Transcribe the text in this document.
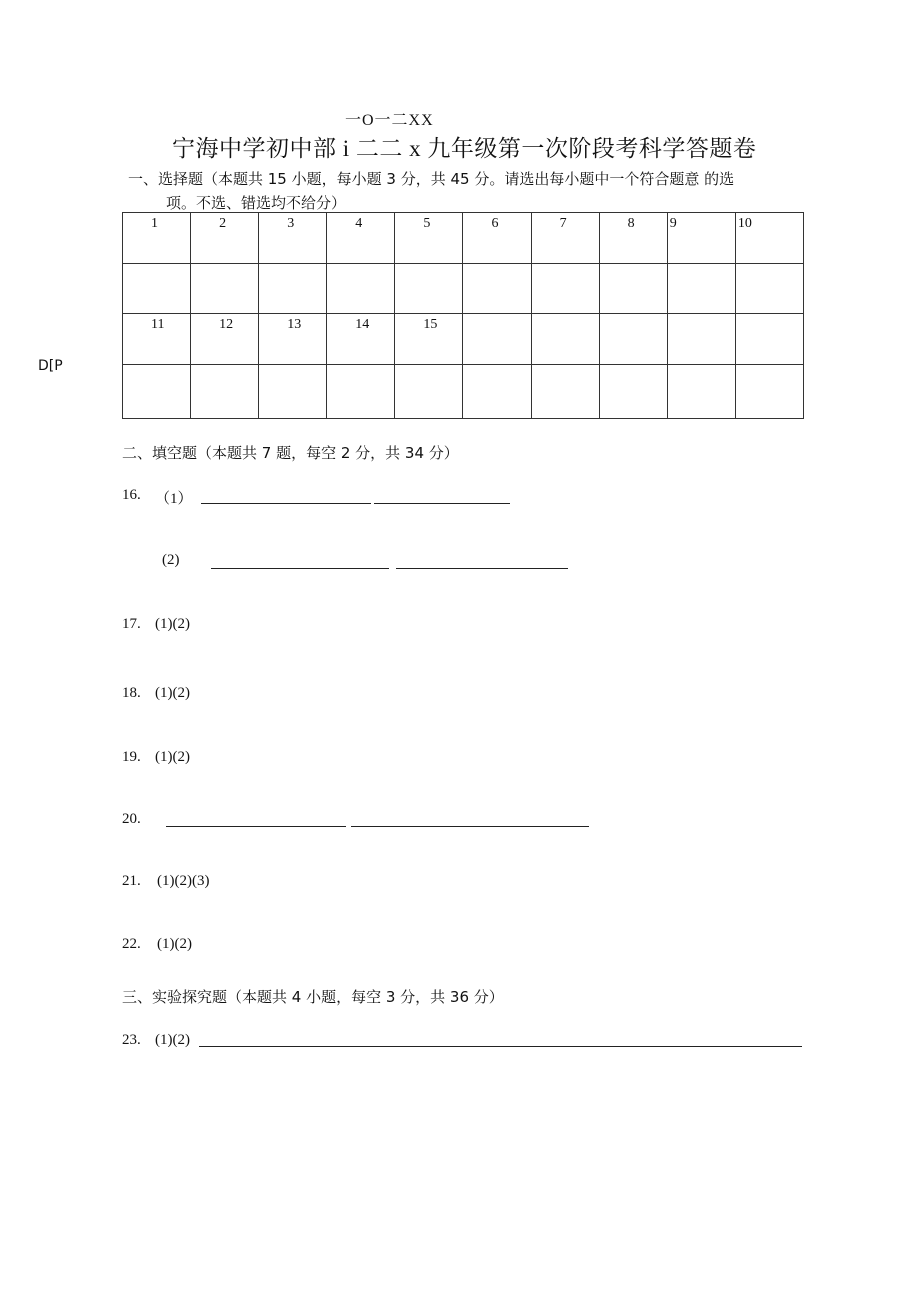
一O一二XX
宁海中学初中部 i 二二 x 九年级第一次阶段考科学答题卷
一、选择题（本题共 15 小题，每小题 3 分，共 45 分。请选出每小题中一个符合题意 的选
项。不选、错选均不给分）
D[P
1	2	3	4	5	6	7	8	9	10

11	12	13	14	15					

二、填空题（本题共 7 题，每空 2 分，共 34 分）
16. （1）
(2)
17. (1)(2)
18. (1)(2)
19. (1)(2)
20.
21. (1)(2)(3)
22. (1)(2)
三、实验探究题（本题共 4 小题，每空 3 分，共 36 分）
23. (1)(2)
